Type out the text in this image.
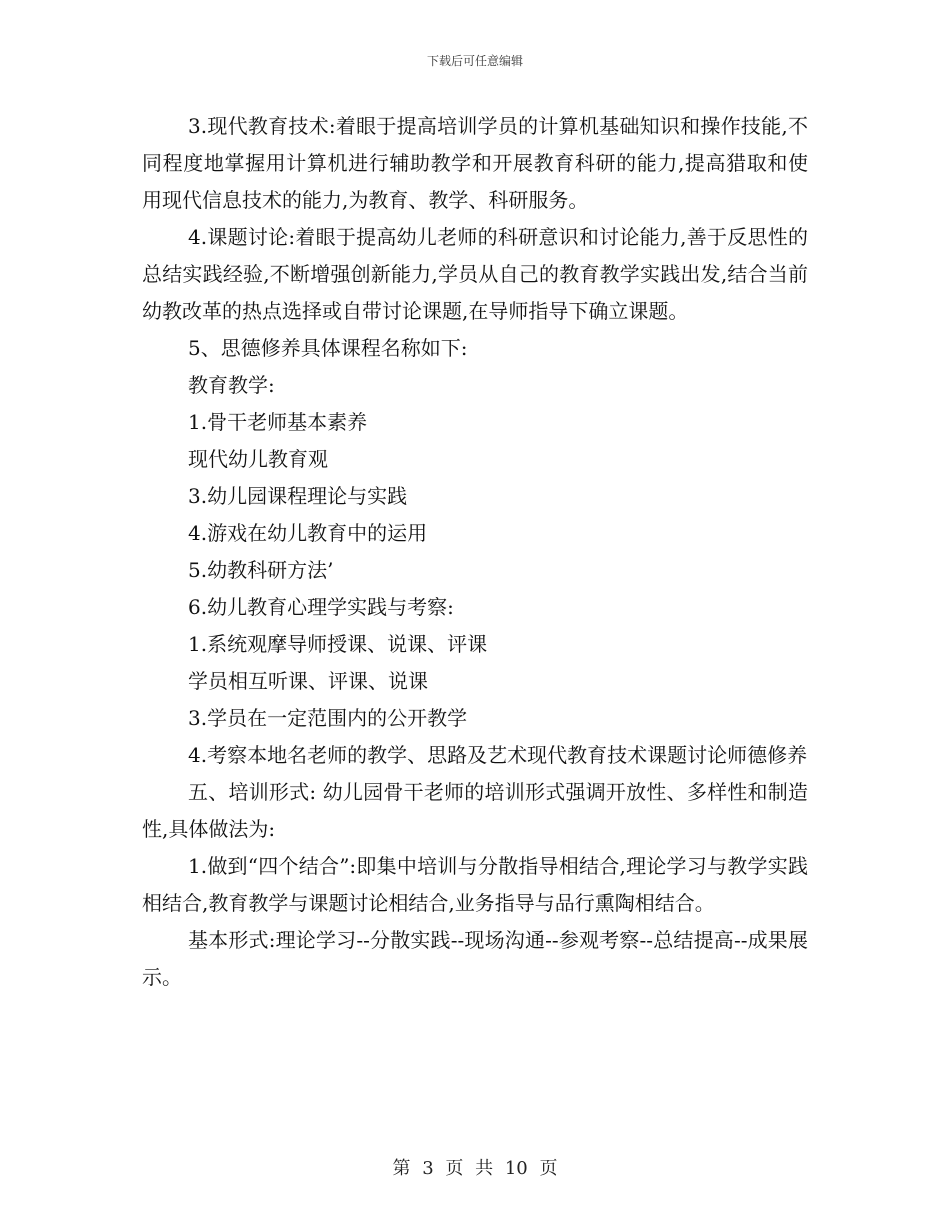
下载后可任意编辑

3.现代教育技术:着眼于提高培训学员的计算机基础知识和操作技能,不同程度地掌握用计算机进行辅助教学和开展教育科研的能力,提高猎取和使用现代信息技术的能力,为教育、教学、科研服务。

4.课题讨论:着眼于提高幼儿老师的科研意识和讨论能力,善于反思性的总结实践经验,不断增强创新能力,学员从自己的教育教学实践出发,结合当前幼教改革的热点选择或自带讨论课题,在导师指导下确立课题。

5、思德修养具体课程名称如下:

教育教学:

1.骨干老师基本素养

现代幼儿教育观

3.幼儿园课程理论与实践

4.游戏在幼儿教育中的运用

5.幼教科研方法’

6.幼儿教育心理学实践与考察:

1.系统观摩导师授课、说课、评课

学员相互听课、评课、说课

3.学员在一定范围内的公开教学

4.考察本地名老师的教学、思路及艺术现代教育技术课题讨论师德修养

五、培训形式: 幼儿园骨干老师的培训形式强调开放性、多样性和制造性,具体做法为:

1.做到“四个结合”:即集中培训与分散指导相结合,理论学习与教学实践相结合,教育教学与课题讨论相结合,业务指导与品行熏陶相结合。

基本形式:理论学习--分散实践--现场沟通--参观考察--总结提高--成果展示。

第 3 页 共 10 页
